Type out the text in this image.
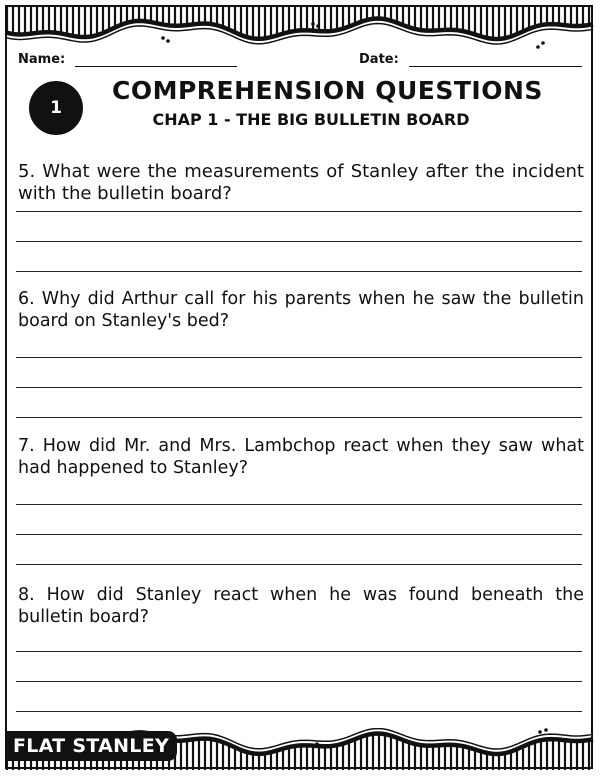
Name:	Date:
1
COMPREHENSION QUESTIONS
CHAP 1 - THE BIG BULLETIN BOARD
5. What were the measurements of Stanley after the incident with the bulletin board?
6. Why did Arthur call for his parents when he saw the bulletin board on Stanley's bed?
7. How did Mr. and Mrs. Lambchop react when they saw what had happened to Stanley?
8. How did Stanley react when he was found beneath the bulletin board?
FLAT STANLEY
